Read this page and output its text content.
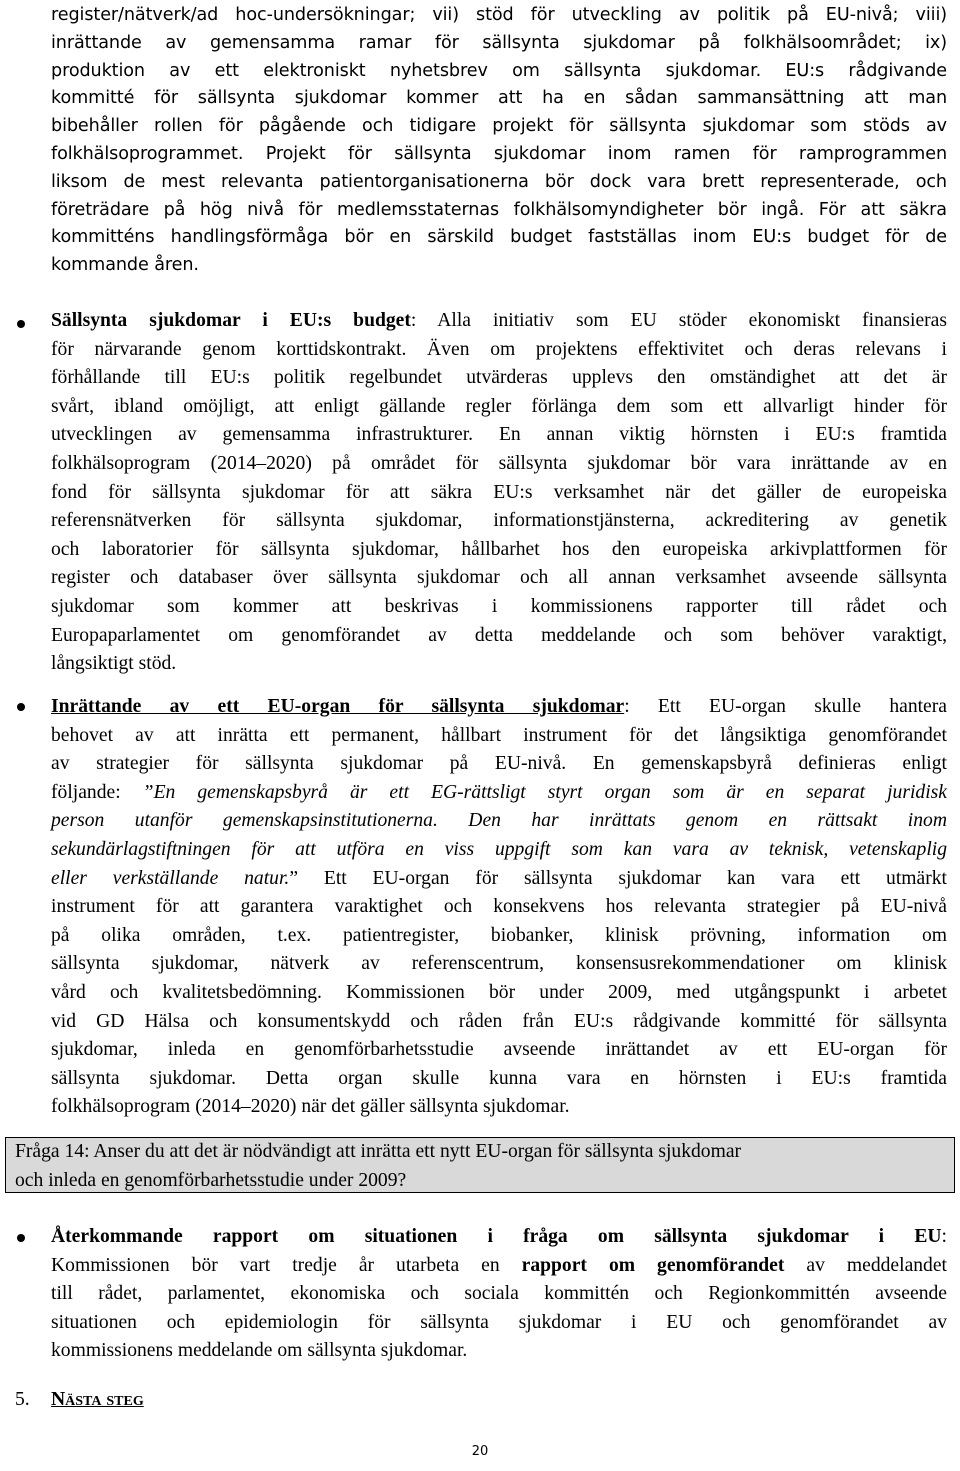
register/nätverk/ad hoc-undersökningar; vii) stöd för utveckling av politik på EU-nivå; viii)
inrättande av gemensamma ramar för sällsynta sjukdomar på folkhälsoområdet; ix)
produktion av ett elektroniskt nyhetsbrev om sällsynta sjukdomar. EU:s rådgivande
kommitté för sällsynta sjukdomar kommer att ha en sådan sammansättning att man
bibehåller rollen för pågående och tidigare projekt för sällsynta sjukdomar som stöds av
folkhälsoprogrammet. Projekt för sällsynta sjukdomar inom ramen för ramprogrammen
liksom de mest relevanta patientorganisationerna bör dock vara brett representerade, och
företrädare på hög nivå för medlemsstaternas folkhälsomyndigheter bör ingå. För att säkra
kommitténs handlingsförmåga bör en särskild budget fastställas inom EU:s budget för de
kommande åren.
Sällsynta sjukdomar i EU:s budget: Alla initiativ som EU stöder ekonomiskt finansieras
för närvarande genom korttidskontrakt. Även om projektens effektivitet och deras relevans i
förhållande till EU:s politik regelbundet utvärderas upplevs den omständighet att det är
svårt, ibland omöjligt, att enligt gällande regler förlänga dem som ett allvarligt hinder för
utvecklingen av gemensamma infrastrukturer. En annan viktig hörnsten i EU:s framtida
folkhälsoprogram (2014–2020) på området för sällsynta sjukdomar bör vara inrättande av en
fond för sällsynta sjukdomar för att säkra EU:s verksamhet när det gäller de europeiska
referensnätverken för sällsynta sjukdomar, informationstjänsterna, ackreditering av genetik
och laboratorier för sällsynta sjukdomar, hållbarhet hos den europeiska arkivplattformen för
register och databaser över sällsynta sjukdomar och all annan verksamhet avseende sällsynta
sjukdomar som kommer att beskrivas i kommissionens rapporter till rådet och
Europaparlamentet om genomförandet av detta meddelande och som behöver varaktigt,
långsiktigt stöd.
Inrättande av ett EU-organ för sällsynta sjukdomar: Ett EU-organ skulle hantera
behovet av att inrätta ett permanent, hållbart instrument för det långsiktiga genomförandet
av strategier för sällsynta sjukdomar på EU-nivå. En gemenskapsbyrå definieras enligt
följande: ”En gemenskapsbyrå är ett EG-rättsligt styrt organ som är en separat juridisk
person utanför gemenskapsinstitutionerna. Den har inrättats genom en rättsakt inom
sekundärlagstiftningen för att utföra en viss uppgift som kan vara av teknisk, vetenskaplig
eller verkställande natur.” Ett EU-organ för sällsynta sjukdomar kan vara ett utmärkt
instrument för att garantera varaktighet och konsekvens hos relevanta strategier på EU-nivå
på olika områden, t.ex. patientregister, biobanker, klinisk prövning, information om
sällsynta sjukdomar, nätverk av referenscentrum, konsensusrekommendationer om klinisk
vård och kvalitetsbedömning. Kommissionen bör under 2009, med utgångspunkt i arbetet
vid GD Hälsa och konsumentskydd och råden från EU:s rådgivande kommitté för sällsynta
sjukdomar, inleda en genomförbarhetsstudie avseende inrättandet av ett EU-organ för
sällsynta sjukdomar. Detta organ skulle kunna vara en hörnsten i EU:s framtida
folkhälsoprogram (2014–2020) när det gäller sällsynta sjukdomar.
Fråga 14: Anser du att det är nödvändigt att inrätta ett nytt EU-organ för sällsynta sjukdomar
och inleda en genomförbarhetsstudie under 2009?
Återkommande rapport om situationen i fråga om sällsynta sjukdomar i EU:
Kommissionen bör vart tredje år utarbeta en rapport om genomförandet av meddelandet
till rådet, parlamentet, ekonomiska och sociala kommittén och Regionkommittén avseende
situationen och epidemiologin för sällsynta sjukdomar i EU och genomförandet av
kommissionens meddelande om sällsynta sjukdomar.
5. Nästa steg
20
